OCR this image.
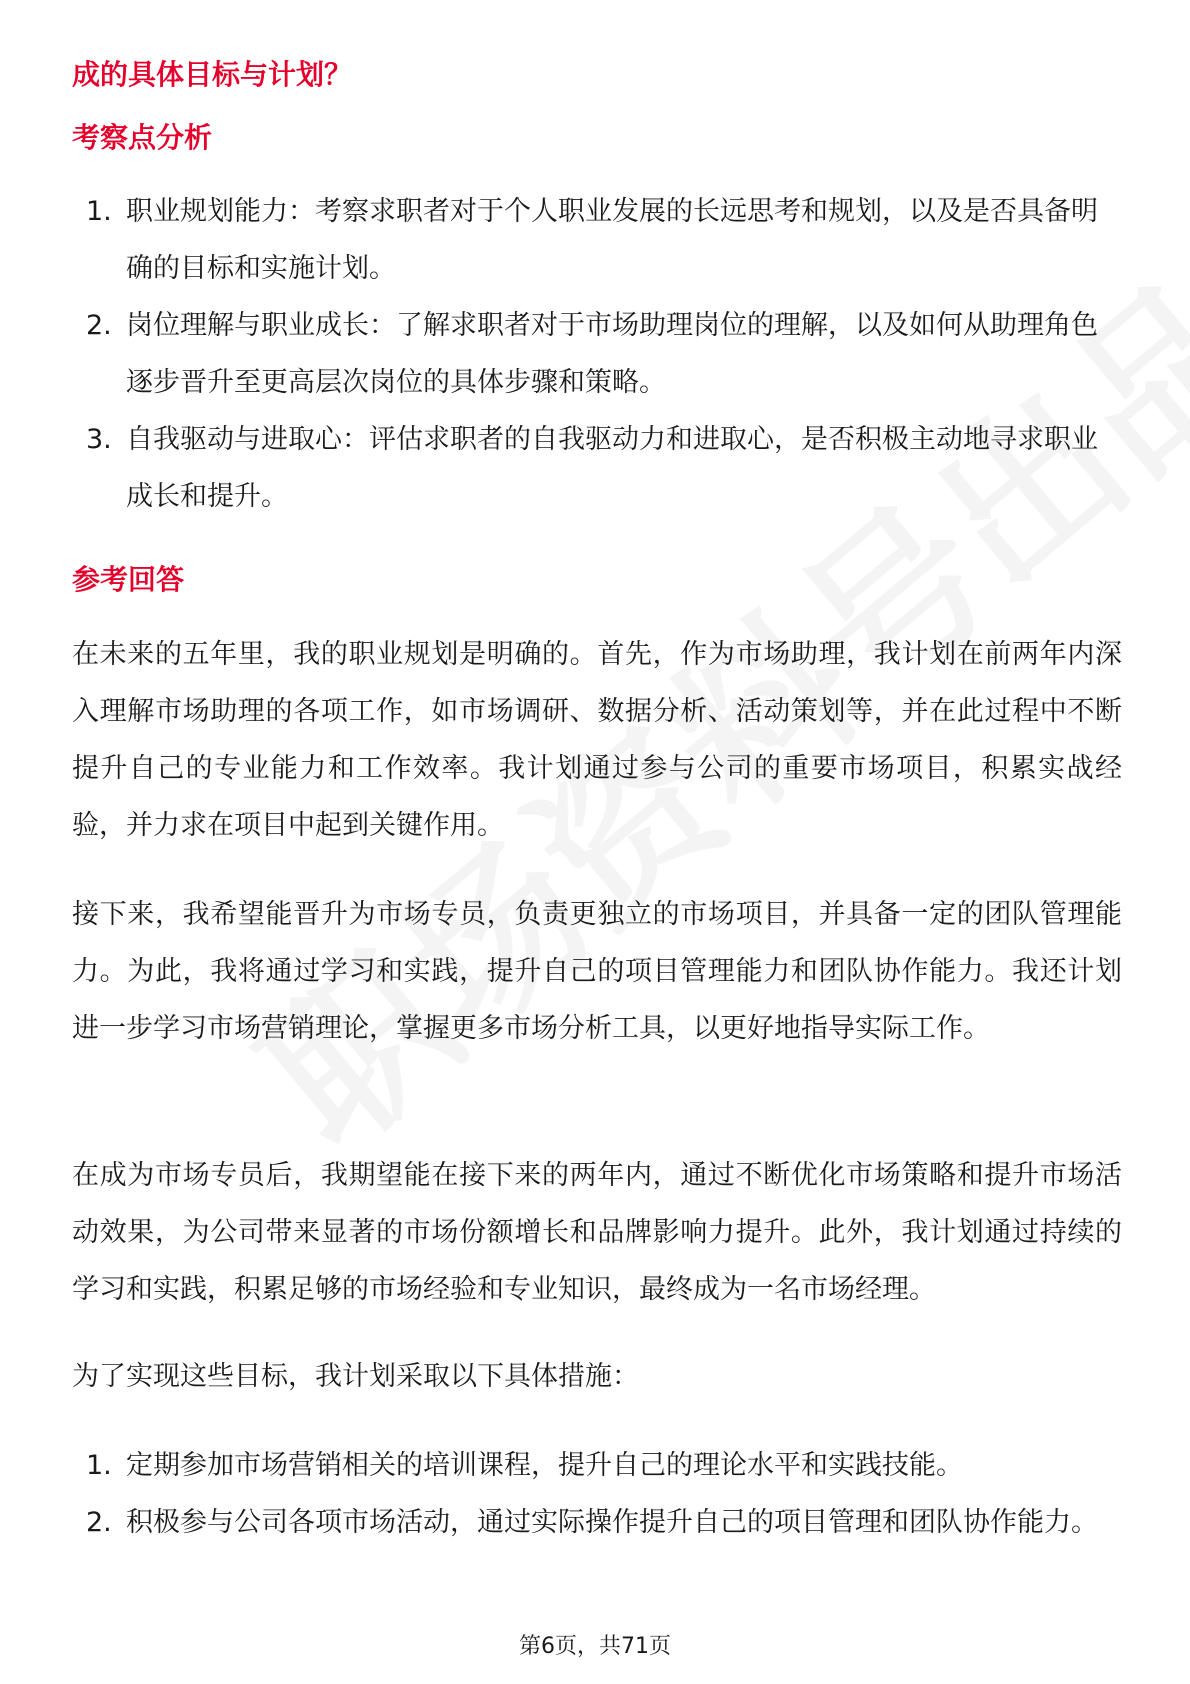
成的具体目标与计划？
考察点分析
1. 职业规划能力：考察求职者对于个人职业发展的长远思考和规划，以及是否具备明确的目标和实施计划。
2. 岗位理解与职业成长：了解求职者对于市场助理岗位的理解，以及如何从助理角色逐步晋升至更高层次岗位的具体步骤和策略。
3. 自我驱动与进取心：评估求职者的自我驱动力和进取心，是否积极主动地寻求职业成长和提升。
参考回答

在未来的五年里，我的职业规划是明确的。首先，作为市场助理，我计划在前两年内深入理解市场助理的各项工作，如市场调研、数据分析、活动策划等，并在此过程中不断提升自己的专业能力和工作效率。我计划通过参与公司的重要市场项目，积累实战经验，并力求在项目中起到关键作用。

接下来，我希望能晋升为市场专员，负责更独立的市场项目，并具备一定的团队管理能力。为此，我将通过学习和实践，提升自己的项目管理能力和团队协作能力。我还计划进一步学习市场营销理论，掌握更多市场分析工具，以更好地指导实际工作。

在成为市场专员后，我期望能在接下来的两年内，通过不断优化市场策略和提升市场活动效果，为公司带来显著的市场份额增长和品牌影响力提升。此外，我计划通过持续的学习和实践，积累足够的市场经验和专业知识，最终成为一名市场经理。

为了实现这些目标，我计划采取以下具体措施：

1. 定期参加市场营销相关的培训课程，提升自己的理论水平和实践技能。
2. 积极参与公司各项市场活动，通过实际操作提升自己的项目管理和团队协作能力。
第6页，共71页
